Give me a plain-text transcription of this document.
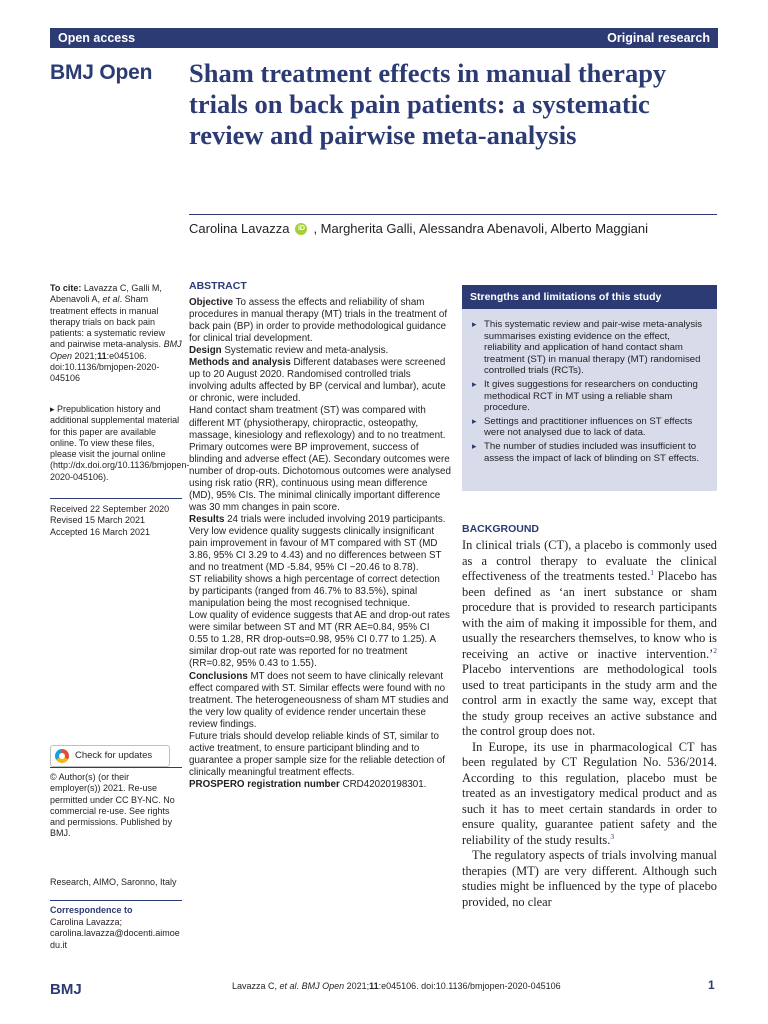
Open access	Original research
BMJ Open Sham treatment effects in manual therapy trials on back pain patients: a systematic review and pairwise meta-analysis
Carolina Lavazza	iD , Margherita Galli, Alessandra Abenavoli, Alberto Maggiani

To cite: Lavazza C, Galli M, Abenavoli A, et al. Sham treatment effects in manual therapy trials on back pain patients: a systematic review and pairwise meta-analysis. BMJ Open 2021;11:e045106. doi:10.1136/bmjopen-2020-045106

▸ Prepublication history and additional supplemental material for this paper are available online. To view these files, please visit the journal online (http://dx.doi.org/10.1136/bmjopen-2020-045106).

Received 22 September 2020

Revised 15 March 2021

Accepted 16 March 2021

Check for updates

© Author(s) (or their employer(s)) 2021. Re-use permitted under CC BY-NC. No commercial re-use. See rights and permissions. Published by BMJ.

Research, AIMO, Saronno, Italy

Correspondence to

Carolina Lavazza;

carolina.lavazza@docenti.aimoedu.it

ABSTRACT

Objective To assess the effects and reliability of sham procedures in manual therapy (MT) trials in the treatment of back pain (BP) in order to provide methodological guidance for clinical trial development.

Design Systematic review and meta-analysis.

Methods and analysis Different databases were screened up to 20 August 2020. Randomised controlled trials involving adults affected by BP (cervical and lumbar), acute or chronic, were included.

Hand contact sham treatment (ST) was compared with different MT (physiotherapy, chiropractic, osteopathy, massage, kinesiology and reflexology) and to no treatment. Primary outcomes were BP improvement, success of blinding and adverse effect (AE). Secondary outcomes were number of drop-outs. Dichotomous outcomes were analysed using risk ratio (RR), continuous using mean difference (MD), 95% CIs. The minimal clinically important difference was 30 mm changes in pain score.

Results 24 trials were included involving 2019 participants. Very low evidence quality suggests clinically insignificant pain improvement in favour of MT compared with ST (MD 3.86, 95% CI 3.29 to 4.43) and no differences between ST and no treatment (MD -5.84, 95% CI −20.46 to 8.78).

ST reliability shows a high percentage of correct detection by participants (ranged from 46.7% to 83.5%), spinal manipulation being the most recognised technique.

Low quality of evidence suggests that AE and drop-out rates were similar between ST and MT (RR AE=0.84, 95% CI 0.55 to 1.28, RR drop-outs=0.98, 95% CI 0.77 to 1.25). A similar drop-out rate was reported for no treatment (RR=0.82, 95% 0.43 to 1.55).

Conclusions MT does not seem to have clinically relevant effect compared with ST. Similar effects were found with no treatment. The heterogeneousness of sham MT studies and the very low quality of evidence render uncertain these review findings.

Future trials should develop reliable kinds of ST, similar to active treatment, to ensure participant blinding and to guarantee a proper sample size for the reliable detection of clinically meaningful treatment effects.

PROSPERO registration number CRD42020198301.

Strengths and limitations of this study
▸ This systematic review and pair-wise meta-analysis summarises existing evidence on the effect, reliability and application of hand contact sham treatment (ST) in manual therapy (MT) randomised controlled trials (RCTs).
▸ It gives suggestions for researchers on conducting methodical RCT in MT using a reliable sham procedure.
▸ Settings and practitioner influences on ST effects were not analysed due to lack of data.
▸ The number of studies included was insufficient to assess the impact of lack of blinding on ST effects.

BACKGROUND

In clinical trials (CT), a placebo is commonly used as a control therapy to evaluate the clinical effectiveness of the treatments tested.$^1$ Placebo has been defined as ‘an inert substance or sham procedure that is provided to research participants with the aim of making it impossible for them, and usually the researchers themselves, to know who is receiving an active or inactive intervention.’$^2$ Placebo interventions are methodological tools used to treat participants in the study arm and the control arm in exactly the same way, except that the study group receives an active substance and the control group does not.

In Europe, its use in pharmacological CT has been regulated by CT Regulation No. 536/2014. According to this regulation, placebo must be treated as an investigatory medical product and as such it has to meet certain standards in order to ensure quality, guarantee patient safety and the reliability of the study results.$^3$

The regulatory aspects of trials involving manual therapies (MT) are very different. Although such studies might be influenced by the type of placebo provided, no clear

BMJ	Lavazza C, et al. BMJ Open 2021;11:e045106. doi:10.1136/bmjopen-2020-045106	1
